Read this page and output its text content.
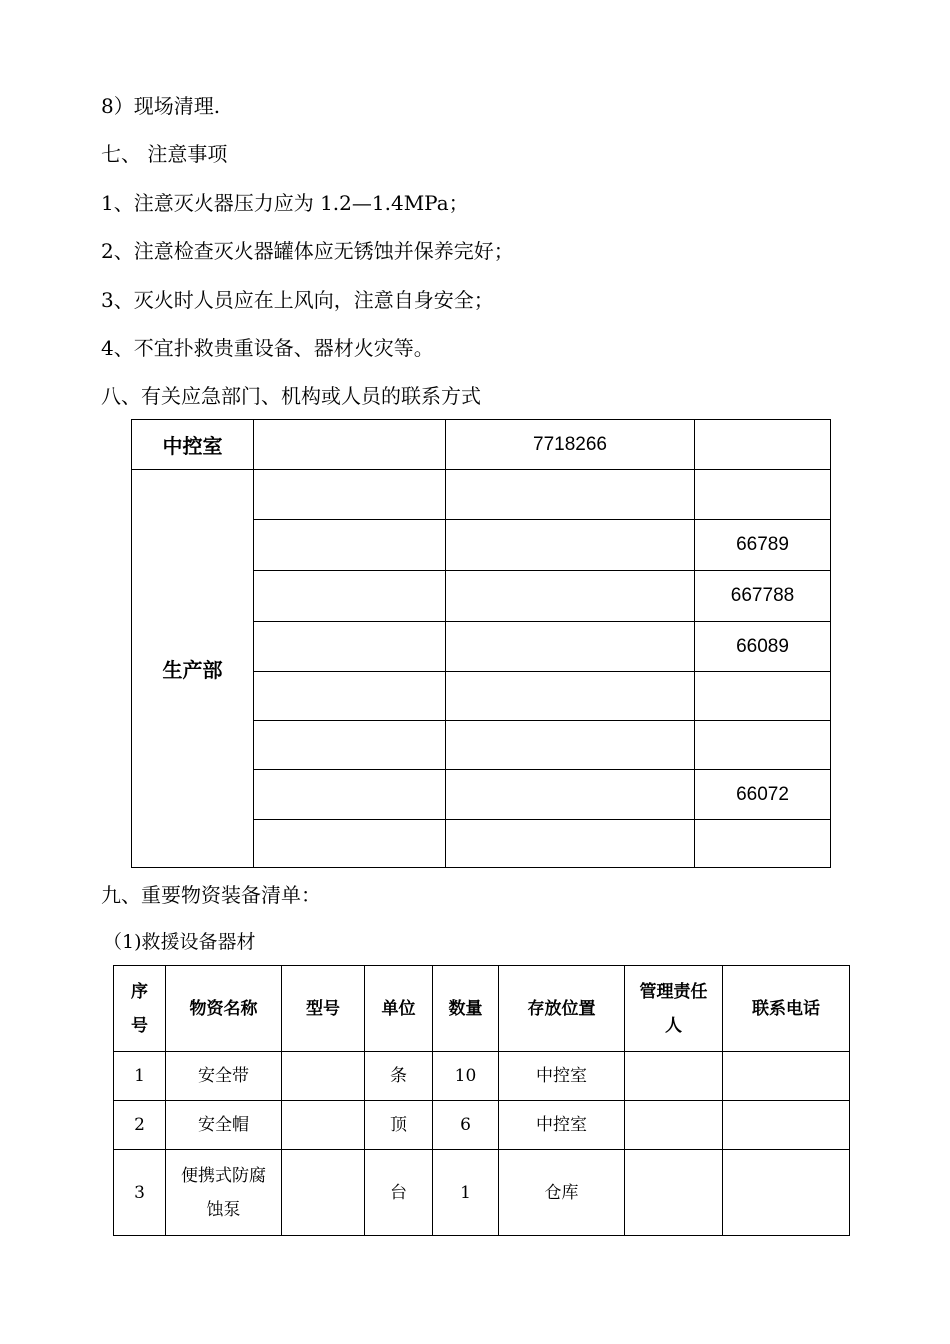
8）现场清理.
七、 注意事项
1、注意灭火器压力应为 1.2—1.4MPa；
2、注意检查灭火器罐体应无锈蚀并保养完好；
3、灭火时人员应在上风向，注意自身安全；
4、不宜扑救贵重设备、器材火灾等。
八、有关应急部门、机构或人员的联系方式
中控室		7718266	
生产部			
			66789
			667788
			66089

			66072

九、重要物资装备清单：
（1)救援设备器材
序号	物资名称	型号	单位	数量	存放位置	管理责任人	联系电话
1	安全带		条	10	中控室		
2	安全帽		顶	6	中控室		
3	便携式防腐蚀泵		台	1	仓库		
